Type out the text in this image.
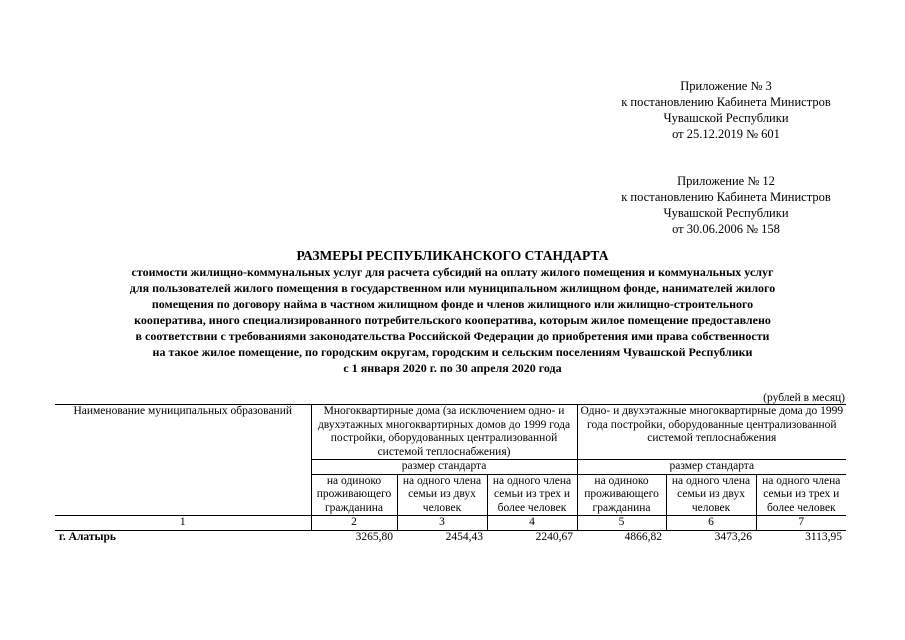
Приложение № 3
к постановлению Кабинета Министров
Чувашской Республики
от 25.12.2019 № 601
Приложение № 12
к постановлению Кабинета Министров
Чувашской Республики
от 30.06.2006 № 158
РАЗМЕРЫ РЕСПУБЛИКАНСКОГО СТАНДАРТА
стоимости жилищно-коммунальных услуг для расчета субсидий на оплату жилого помещения и коммунальных услуг
для пользователей жилого помещения в государственном или муниципальном жилищном фонде, нанимателей жилого
помещения по договору найма в частном жилищном фонде и членов жилищного или жилищно-строительного
кооператива, иного специализированного потребительского кооператива, которым жилое помещение предоставлено
в соответствии с требованиями законодательства Российской Федерации до приобретения ими права собственности
на такое жилое помещение, по городским округам, городским и сельским поселениям Чувашской Республики
с 1 января 2020 г. по 30 апреля 2020 года
(рублей в месяц)
Наименование муниципальных образований	Многоквартирные дома (за исключением одно- и двухэтажных многоквартирных домов до 1999 года постройки, оборудованных централизованной системой теплоснабжения)			Одно- и двухэтажные многоквартирные дома до 1999 года постройки, оборудованные централизованной системой теплоснабжения		
	размер стандарта			размер стандарта		
	на одиноко проживающего гражданина	на одного члена семьи из двух человек	на одного члена семьи из трех и более человек	на одиноко проживающего гражданина	на одного члена семьи из двух человек	на одного члена семьи из трех и более человек
1	2	3	4	5	6	7
г. Алатырь	3265,80	2454,43	2240,67	4866,82	3473,26	3113,95
